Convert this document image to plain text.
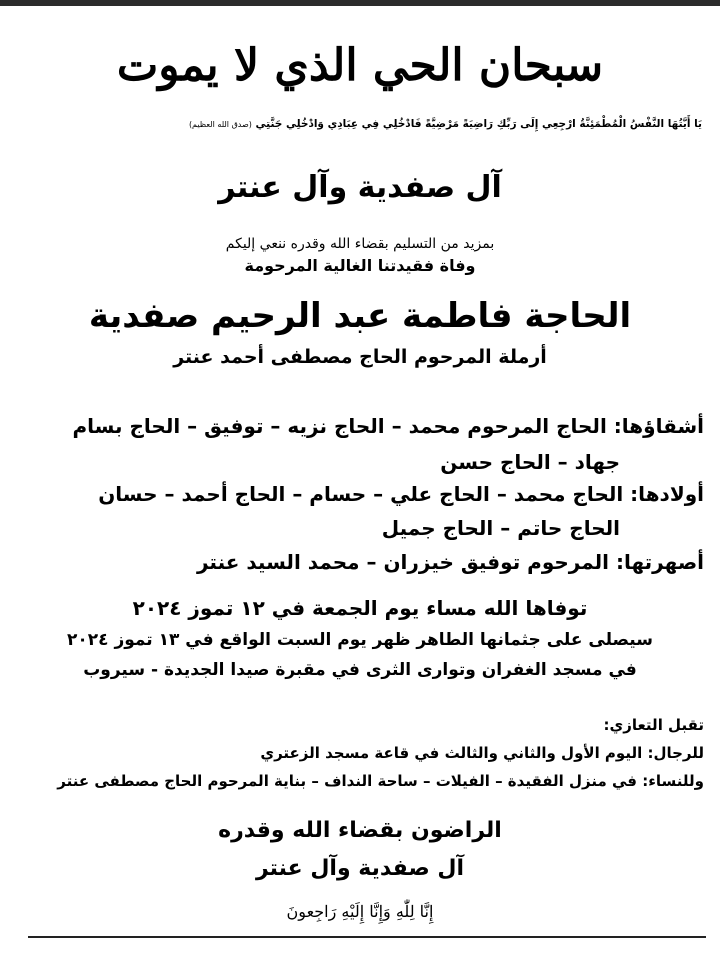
سبحان الحي الذي لا يموت
يَا أَيَّتُهَا النَّفْسُ الْمُطْمَئِنَّةُ ارْجِعِي إِلَى رَبِّكِ رَاضِيَةً مَرْضِيَّةً فَادْخُلِي فِي عِبَادِي وَادْخُلِي جَنَّتِي (صدق الله العظيم)
آل صفدية وآل عنتر
بمزيد من التسليم بقضاء الله وقدره ننعي إليكم
وفاة فقيدتنا الغالية المرحومة
الحاجة فاطمة عبد الرحيم صفدية
أرملة المرحوم الحاج مصطفى أحمد عنتر
أشقاؤها: الحاج المرحوم محمد – الحاج نزيه – توفيق – الحاج بسام
جهاد – الحاج حسن
أولادها: الحاج محمد – الحاج علي – حسام – الحاج أحمد – حسان
الحاج حاتم – الحاج جميل
أصهرتها: المرحوم توفيق خيزران – محمد السيد عنتر
توفاها الله مساء يوم الجمعة في ١٢ تموز ٢٠٢٤
سيصلى على جثمانها الطاهر ظهر يوم السبت الواقع في ١٣ تموز ٢٠٢٤
في مسجد الغفران وتوارى الثرى في مقبرة صيدا الجديدة - سيروب
تقبل التعازي:
للرجال: اليوم الأول والثاني والثالث في قاعة مسجد الزعتري
وللنساء: في منزل الفقيدة – الفيلات – ساحة النداف – بناية المرحوم الحاج مصطفى عنتر
الراضون بقضاء الله وقدره
آل صفدية وآل عنتر
إِنَّا لِلّٰهِ وَإِنَّا إِلَيْهِ رَاجِعونَ
